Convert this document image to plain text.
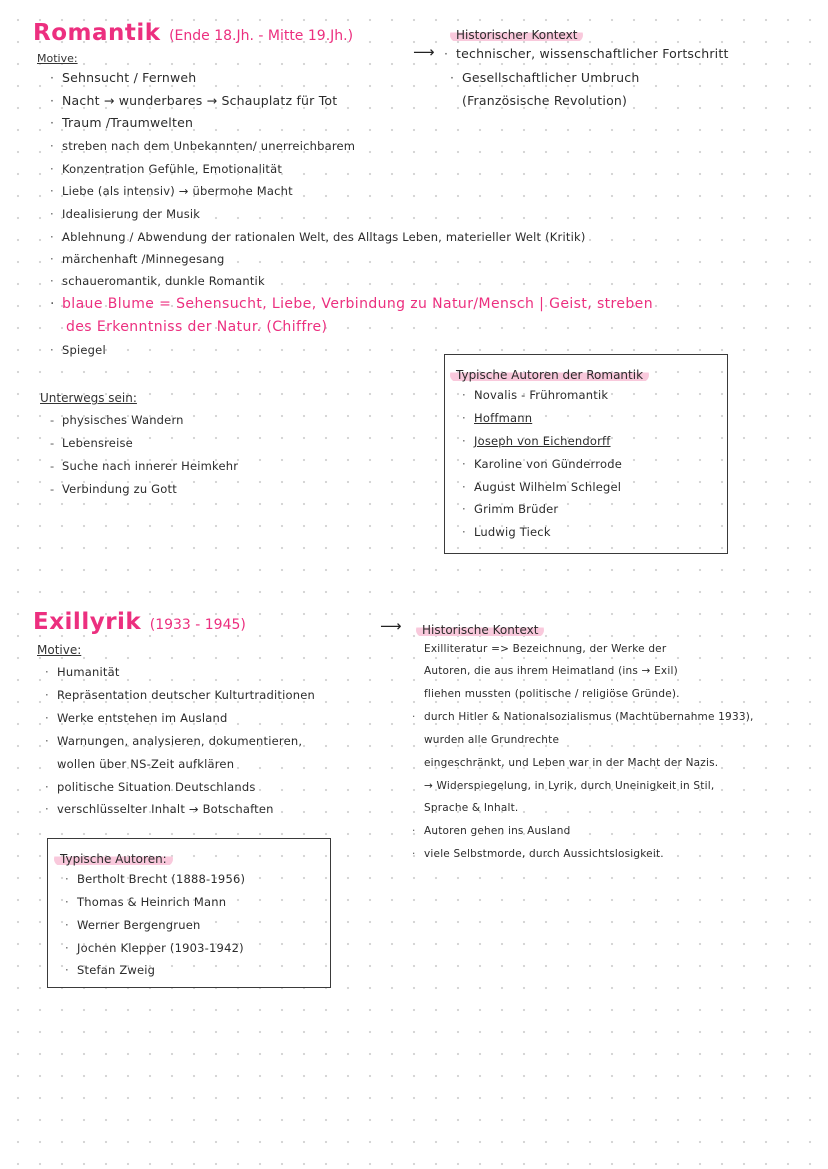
Romantik (Ende 18.Jh. - Mitte 19.Jh.)
Motive:
· Sehnsucht / Fernweh
· Nacht → wunderbares → Schauplatz für Tot
· Traum /Traumwelten
· streben nach dem Unbekannten/ unerreichbarem
· Konzentration Gefühle, Emotionalität
· Liebe (als intensiv) → übermohe Macht
· Idealisierung der Musik
· Ablehnung / Abwendung der rationalen Welt, des Alltags Leben, materieller Welt (Kritik)
· märchenhaft /Minnegesang
· schaueromantik, dunkle Romantik
· blaue Blume = Sehensucht, Liebe, Verbindung zu Natur/Mensch | Geist, streben
des Erkenntniss der Natur. (Chiffre)
· Spiegel
Unterwegs sein:
- physisches Wandern
- Lebensreise
- Suche nach innerer Heimkehr
- Verbindung zu Gott
Historischer Kontext
⟶ · technischer, wissenschaftlicher Fortschritt
· Gesellschaftlicher Umbruch
(Französische Revolution)
Typische Autoren der Romantik
· Novalis - Frühromantik
· Hoffmann
· Joseph von Eichendorff
· Karoline von Günderrode
· August Wilhelm Schlegel
· Grimm Brüder
· Ludwig Tieck
Exillyrik (1933 - 1945)
Motive:
· Humanität
· Repräsentation deutscher Kulturtraditionen
· Werke entstehen im Ausland
· Warnungen, analysieren, dokumentieren,
wollen über NS-Zeit aufklären
· politische Situation Deutschlands
· verschlüsselter Inhalt → Botschaften
Typische Autoren:
· Bertholt Brecht (1888-1956)
· Thomas & Heinrich Mann
· Werner Bergengruen
· Jochen Klepper (1903-1942)
· Stefan Zweig
⟶	Historische Kontext
Exilliteratur => Bezeichnung, der Werke der
Autoren, die aus ihrem Heimatland (ins → Exil)
fliehen mussten (politische / religiöse Gründe).
· durch Hitler & Nationalsozialismus (Machtübernahme 1933),
wurden alle Grundrechte
eingeschränkt, und Leben war in der Macht der Nazis.
→ Widerspiegelung, in Lyrik, durch Uneinigkeit in Stil,
Sprache & Inhalt.
· Autoren gehen ins Ausland
· viele Selbstmorde, durch Aussichtslosigkeit.
